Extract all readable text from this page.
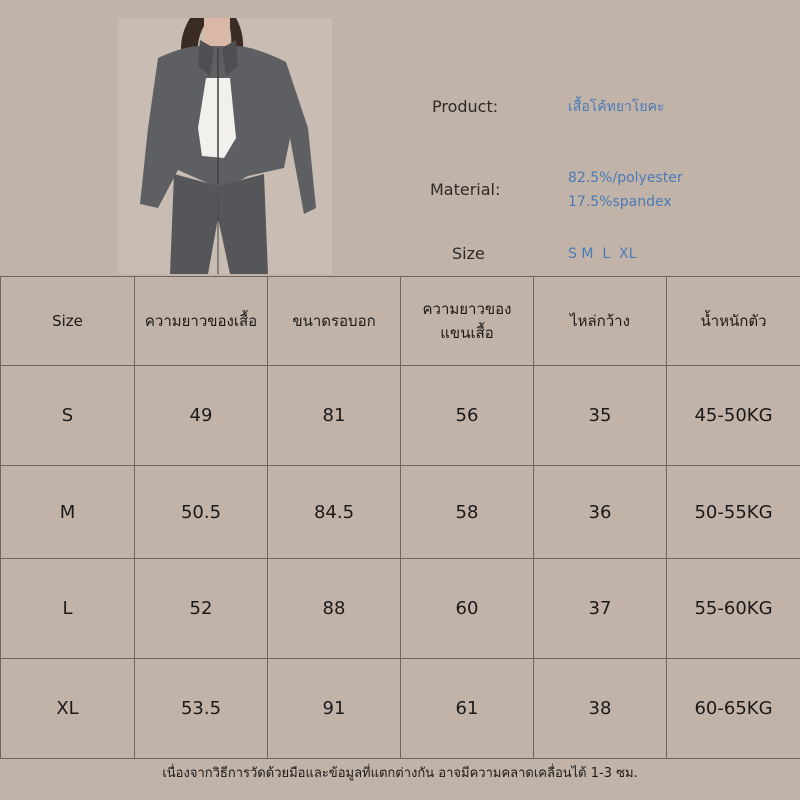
Product:	เสื้อโค้ทยาโยคะ
Material:
82.5%/polyester
17.5%spandex
Size	S M  L  XL
Size	ความยาวของเสื้อ	ขนาดรอบอก	ความยาวของแขนเสื้อ	ไหล่กว้าง	น้ำหนักตัว
S	49	81	56	35	45-50KG
M	50.5	84.5	58	36	50-55KG
L	52	88	60	37	55-60KG
XL	53.5	91	61	38	60-65KG
เนื่องจากวิธีการวัดด้วยมือและข้อมูลที่แตกต่างกัน อาจมีความคลาดเคลื่อนได้ 1-3 ซม.
